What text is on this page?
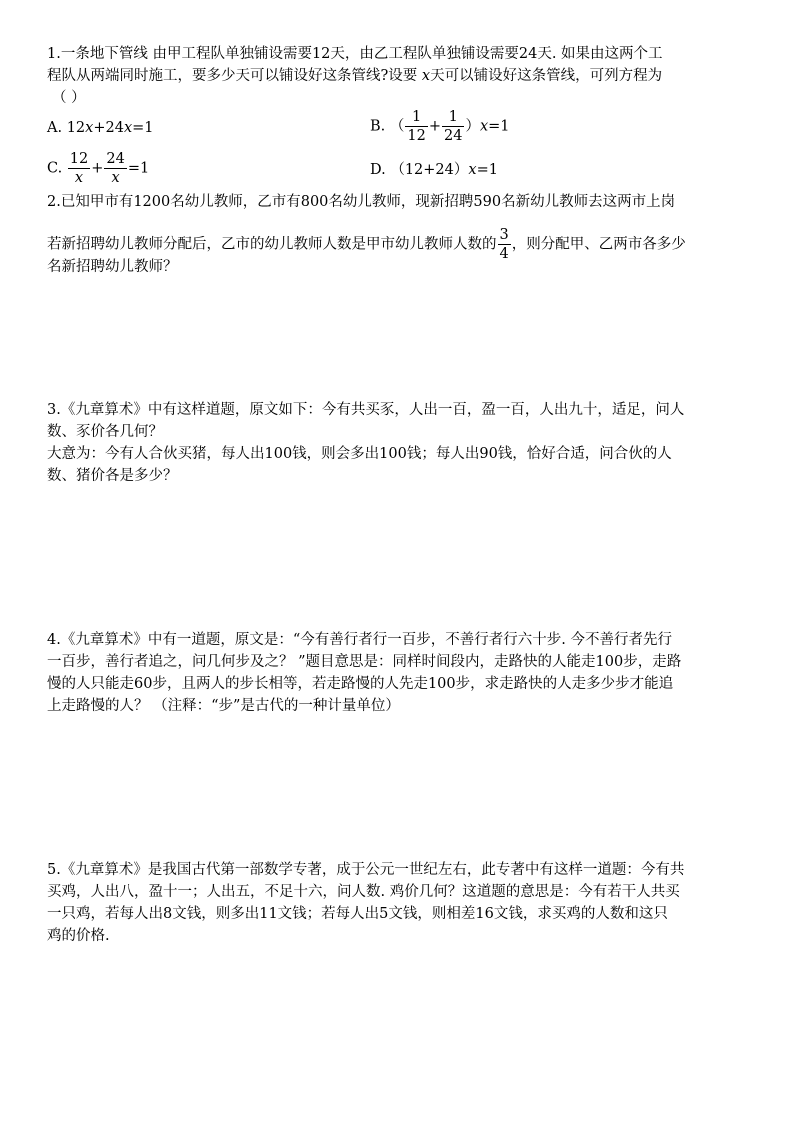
1.一条地下管线 由甲工程队单独铺设需要12天，由乙工程队单独铺设需要24天. 如果由这两个工
程队从两端同时施工，要多少天可以铺设好这条管线?设要 x天可以铺设好这条管线，可列方程为
（ ）
A. 12x+24x=1	B. （ $\frac{1}{12} + \frac{1}{24} )x=1$
C. $\frac{12}{x} + \frac{24}{x} =1$	D. （12+24）x=1
2.已知甲市有1200名幼儿教师，乙市有800名幼儿教师，现新招聘590名新幼儿教师去这两市上岗
若新招聘幼儿教师分配后，乙市的幼儿教师人数是甲市幼儿教师人数的 $\frac{3}{4}$ ，则分配甲、乙两市各多少
名新招聘幼儿教师？
3.《九章算术》中有这样道题，原文如下：今有共买豕，人出一百，盈一百，人出九十，适足，问人
数、豕价各几何？
大意为：今有人合伙买猪，每人出100钱，则会多出100钱；每人出90钱，恰好合适，问合伙的人
数、猪价各是多少？
4.《九章算术》中有一道题，原文是：“今有善行者行一百步，不善行者行六十步. 今不善行者先行
一百步，善行者追之，问几何步及之？ ”题目意思是：同样时间段内，走路快的人能走100步，走路
慢的人只能走60步，且两人的步长相等，若走路慢的人先走100步，求走路快的人走多少步才能追
上走路慢的人？ （注释：“步”是古代的一种计量单位）
5.《九章算术》是我国古代第一部数学专著，成于公元一世纪左右，此专著中有这样一道题：今有共
买鸡，人出八，盈十一；人出五，不足十六，问人数. 鸡价几何？这道题的意思是：今有若干人共买
一只鸡，若每人出8文钱，则多出11文钱；若每人出5文钱，则相差16文钱，求买鸡的人数和这只
鸡的价格.
